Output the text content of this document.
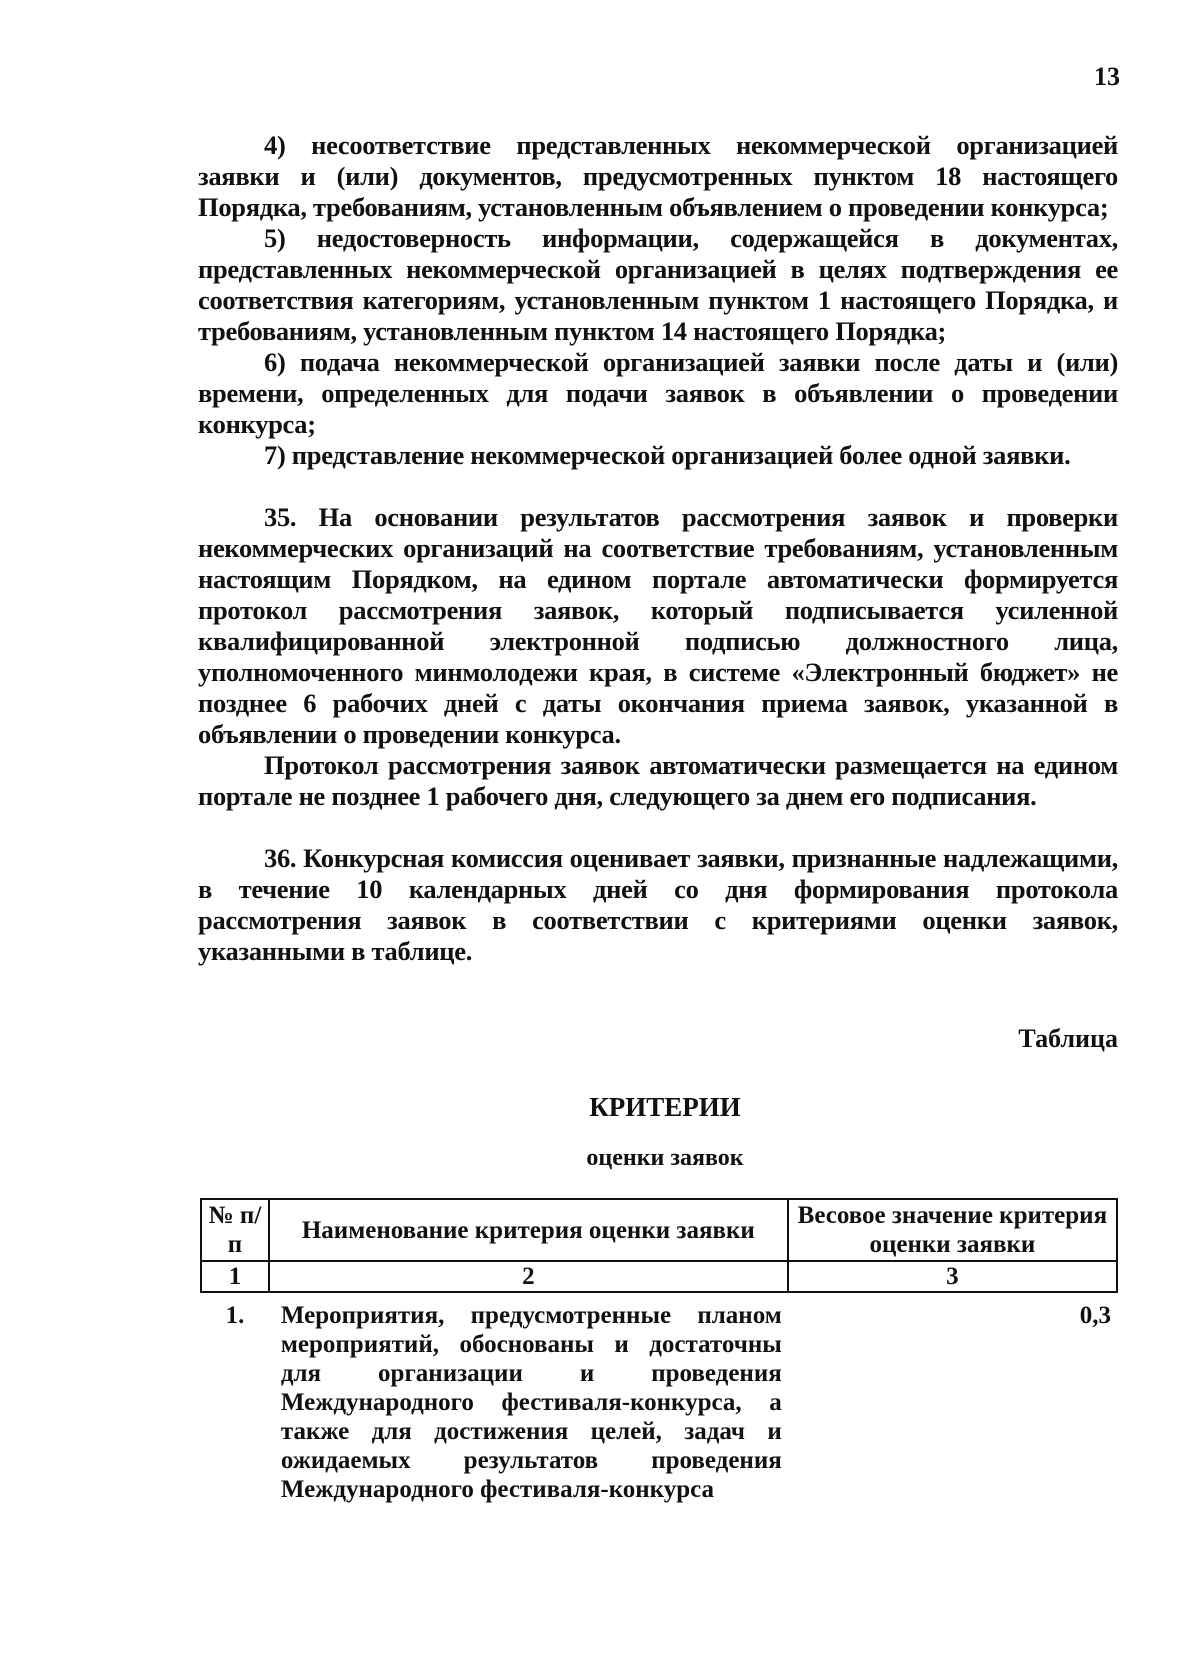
13

4) несоответствие представленных некоммерческой организацией заявки и (или) документов, предусмотренных пунктом 18 настоящего Порядка, требованиям, установленным объявлением о проведении конкурса;

5) недостоверность информации, содержащейся в документах, представленных некоммерческой организацией в целях подтверждения ее соответствия категориям, установленным пунктом 1 настоящего Порядка, и требованиям, установленным пунктом 14 настоящего Порядка;

6) подача некоммерческой организацией заявки после даты и (или) времени, определенных для подачи заявок в объявлении о проведении конкурса;

7) представление некоммерческой организацией более одной заявки.

35. На основании результатов рассмотрения заявок и проверки некоммерческих организаций на соответствие требованиям, установленным настоящим Порядком, на едином портале автоматически формируется протокол рассмотрения заявок, который подписывается усиленной квалифицированной электронной подписью должностного лица, уполномоченного минмолодежи края, в системе «Электронный бюджет» не позднее 6 рабочих дней с даты окончания приема заявок, указанной в объявлении о проведении конкурса.

Протокол рассмотрения заявок автоматически размещается на едином портале не позднее 1 рабочего дня, следующего за днем его подписания.

36. Конкурсная комиссия оценивает заявки, признанные надлежащими, в течение 10 календарных дней со дня формирования протокола рассмотрения заявок в соответствии с критериями оценки заявок, указанными в таблице.

Таблица
КРИТЕРИИ
оценки заявок
№ п/п	Наименование критерия оценки заявки	Весовое значение критерия оценки заявки
1	2	3
1.	Мероприятия, предусмотренные планом мероприятий, обоснованы и достаточны для организации и проведения Международного фестиваля-конкурса, а также для достижения целей, задач и ожидаемых результатов проведения Международного фестиваля-конкурса	0,3
